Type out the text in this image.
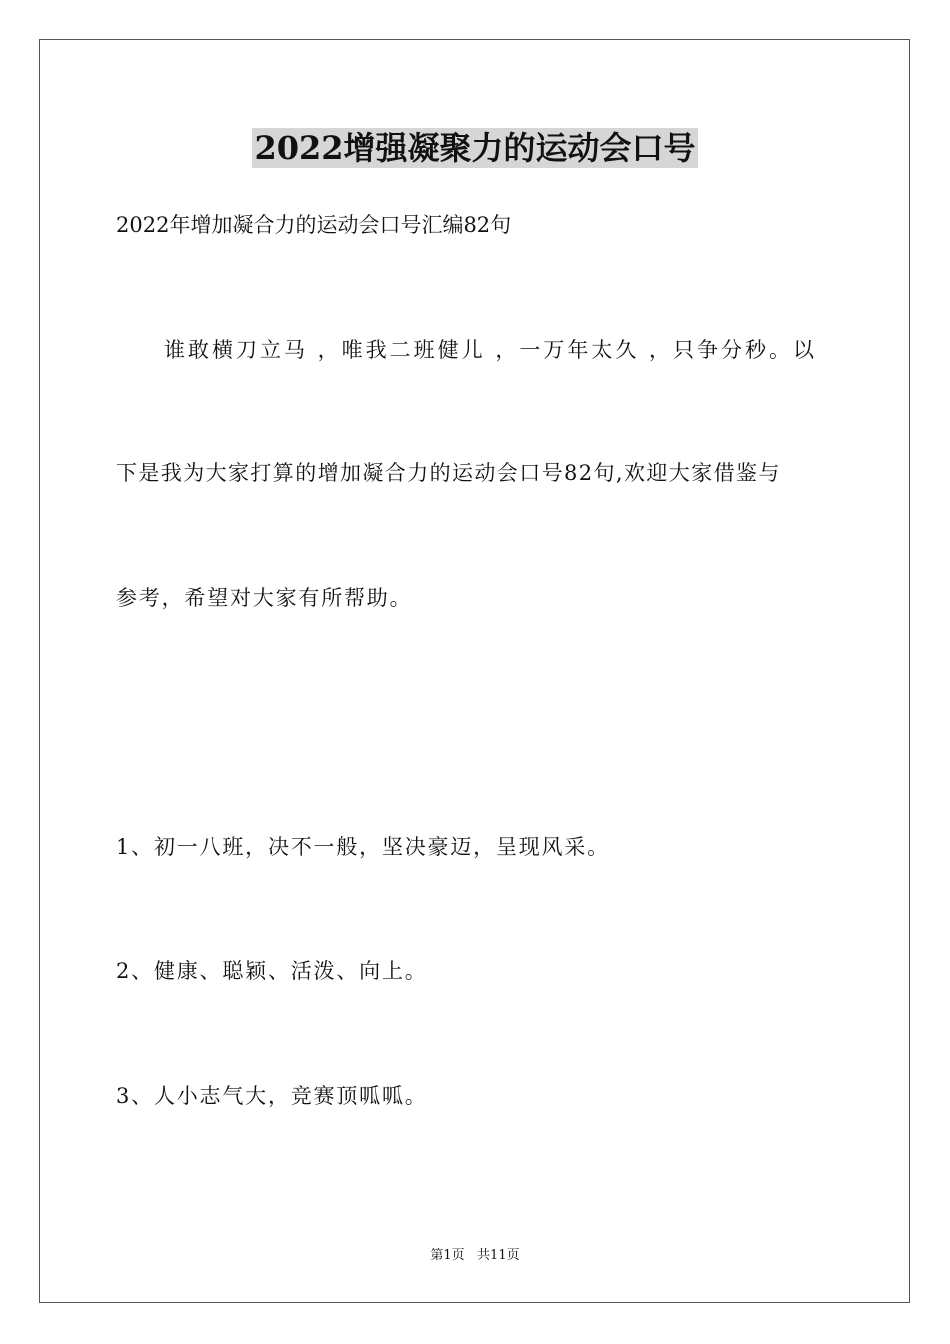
2022增强凝聚力的运动会口号
2022年增加凝合力的运动会口号汇编82句
谁敢横刀立马 ，唯我二班健儿 ，一万年太久 ，只争分秒。以
下是我为大家打算的增加凝合力的运动会口号82句,欢迎大家借鉴与
参考，希望对大家有所帮助。
1、初一八班，决不一般，坚决豪迈，呈现风采。
2、健康、聪颖、活泼、向上。
3、人小志气大，竞赛顶呱呱。
第1页   共11页
